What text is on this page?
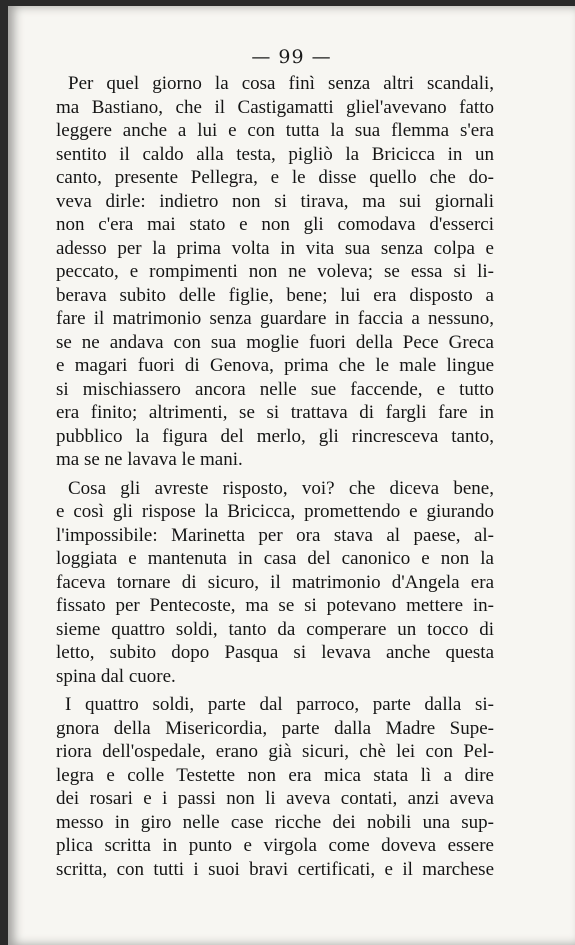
— 99 —

Per quel giorno la cosa finì senza altri scandali,
ma Bastiano, che il Castigamatti gliel'avevano fatto
leggere anche a lui e con tutta la sua flemma s'era
sentito il caldo alla testa, pigliò la Bricicca in un
canto, presente Pellegra, e le disse quello che do-
veva dirle: indietro non si tirava, ma sui giornali
non c'era mai stato e non gli comodava d'esserci
adesso per la prima volta in vita sua senza colpa e
peccato, e rompimenti non ne voleva; se essa si li-
berava subito delle figlie, bene; lui era disposto a
fare il matrimonio senza guardare in faccia a nessuno,
se ne andava con sua moglie fuori della Pece Greca
e magari fuori di Genova, prima che le male lingue
si mischiassero ancora nelle sue faccende, e tutto
era finito; altrimenti, se si trattava di fargli fare in
pubblico la figura del merlo, gli rincresceva tanto,
ma se ne lavava le mani.

Cosa gli avreste risposto, voi? che diceva bene,
e così gli rispose la Bricicca, promettendo e giurando
l'impossibile: Marinetta per ora stava al paese, al-
loggiata e mantenuta in casa del canonico e non la
faceva tornare di sicuro, il matrimonio d'Angela era
fissato per Pentecoste, ma se si potevano mettere in-
sieme quattro soldi, tanto da comperare un tocco di
letto, subito dopo Pasqua si levava anche questa
spina dal cuore.

I quattro soldi, parte dal parroco, parte dalla si-
gnora della Misericordia, parte dalla Madre Supe-
riora dell'ospedale, erano già sicuri, chè lei con Pel-
legra e colle Testette non era mica stata lì a dire
dei rosari e i passi non li aveva contati, anzi aveva
messo in giro nelle case ricche dei nobili una sup-
plica scritta in punto e virgola come doveva essere
scritta, con tutti i suoi bravi certificati, e il marchese
